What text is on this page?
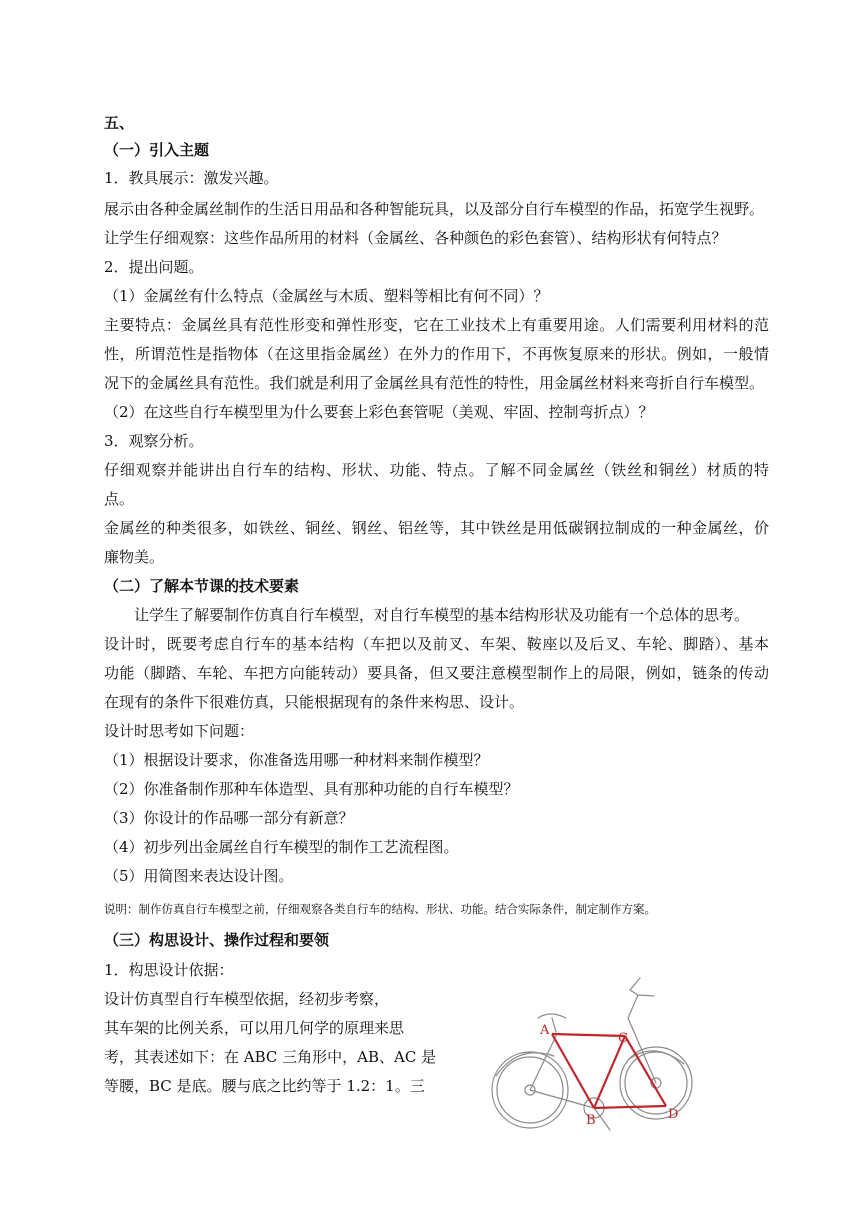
五、
（一）引入主题
1．教具展示：激发兴趣。
展示由各种金属丝制作的生活日用品和各种智能玩具，以及部分自行车模型的作品，拓宽学生视野。
让学生仔细观察：这些作品所用的材料（金属丝、各种颜色的彩色套管）、结构形状有何特点？
2．提出问题。
（1）金属丝有什么特点（金属丝与木质、塑料等相比有何不同）？
主要特点：金属丝具有范性形变和弹性形变，它在工业技术上有重要用途。人们需要利用材料的范
性，所谓范性是指物体（在这里指金属丝）在外力的作用下，不再恢复原来的形状。例如，一般情
况下的金属丝具有范性。我们就是利用了金属丝具有范性的特性，用金属丝材料来弯折自行车模型。
（2）在这些自行车模型里为什么要套上彩色套管呢（美观、牢固、控制弯折点）？
3．观察分析。
仔细观察并能讲出自行车的结构、形状、功能、特点。了解不同金属丝（铁丝和铜丝）材质的特
点。
金属丝的种类很多，如铁丝、铜丝、钢丝、铝丝等，其中铁丝是用低碳钢拉制成的一种金属丝，价
廉物美。
（二）了解本节课的技术要素
让学生了解要制作仿真自行车模型，对自行车模型的基本结构形状及功能有一个总体的思考。
设计时，既要考虑自行车的基本结构（车把以及前叉、车架、鞍座以及后叉、车轮、脚踏）、基本
功能（脚踏、车轮、车把方向能转动）要具备，但又要注意模型制作上的局限，例如，链条的传动
在现有的条件下很难仿真，只能根据现有的条件来构思、设计。
设计时思考如下问题：
（1）根据设计要求，你准备选用哪一种材料来制作模型？
（2）你准备制作那种车体造型、具有那种功能的自行车模型？
（3）你设计的作品哪一部分有新意？
（4）初步列出金属丝自行车模型的制作工艺流程图。
（5）用简图来表达设计图。
说明：制作仿真自行车模型之前，仔细观察各类自行车的结构、形状、功能。结合实际条件，制定制作方案。
（三）构思设计、操作过程和要领
1．构思设计依据：
设计仿真型自行车模型依据，经初步考察，
其车架的比例关系，可以用几何学的原理来思
考，其表述如下：在 ABC 三角形中，AB、AC 是
等腰，BC 是底。腰与底之比约等于 1.2：1。三
A
C
B	D
